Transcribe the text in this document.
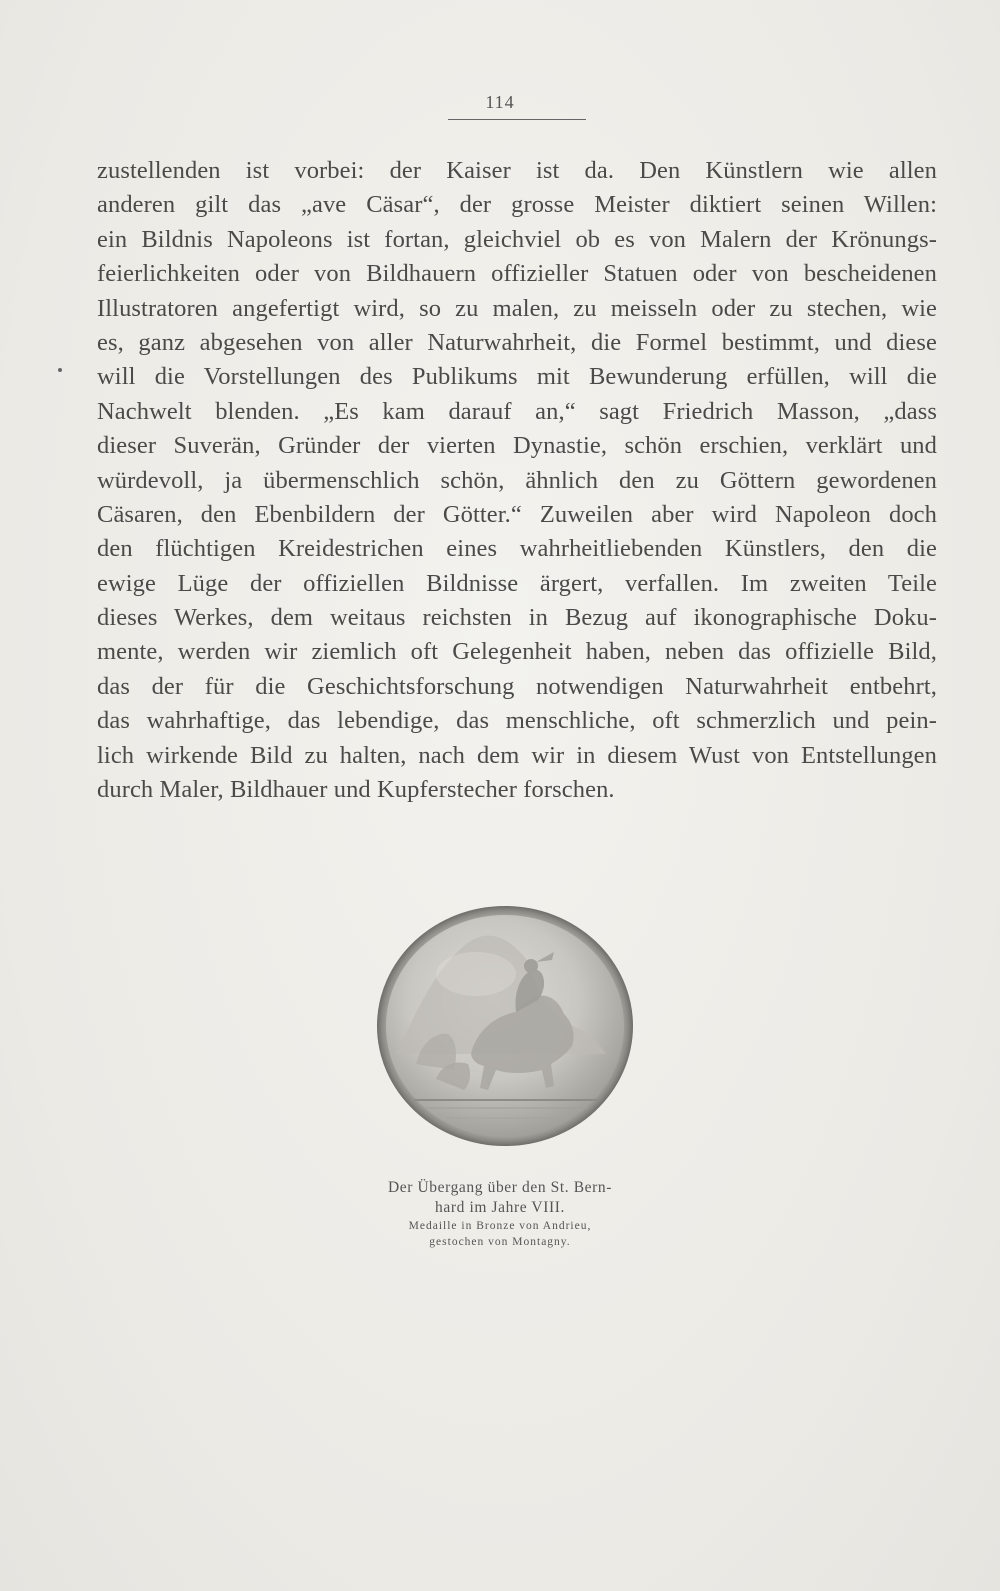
114
zustellenden ist vorbei: der Kaiser ist da. Den Künstlern wie allen
anderen gilt das „ave Cäsar“, der grosse Meister diktiert seinen Willen:
ein Bildnis Napoleons ist fortan, gleichviel ob es von Malern der Krönungs-
feierlichkeiten oder von Bildhauern offizieller Statuen oder von bescheidenen
Illustratoren angefertigt wird, so zu malen, zu meisseln oder zu stechen, wie
es, ganz abgesehen von aller Naturwahrheit, die Formel bestimmt, und diese
will die Vorstellungen des Publikums mit Bewunderung erfüllen, will die
Nachwelt blenden. „Es kam darauf an,“ sagt Friedrich Masson, „dass
dieser Suverän, Gründer der vierten Dynastie, schön erschien, verklärt und
würdevoll, ja übermenschlich schön, ähnlich den zu Göttern gewordenen
Cäsaren, den Ebenbildern der Götter.“ Zuweilen aber wird Napoleon doch
den flüchtigen Kreidestrichen eines wahrheitliebenden Künstlers, den die
ewige Lüge der offiziellen Bildnisse ärgert, verfallen. Im zweiten Teile
dieses Werkes, dem weitaus reichsten in Bezug auf ikonographische Doku-
mente, werden wir ziemlich oft Gelegenheit haben, neben das offizielle Bild,
das der für die Geschichtsforschung notwendigen Naturwahrheit entbehrt,
das wahrhaftige, das lebendige, das menschliche, oft schmerzlich und pein-
lich wirkende Bild zu halten, nach dem wir in diesem Wust von Entstellungen
durch Maler, Bildhauer und Kupferstecher forschen.
Der Übergang über den St. Bern-
hard im Jahre VIII.
Medaille in Bronze von Andrieu,
gestochen von Montagny.
